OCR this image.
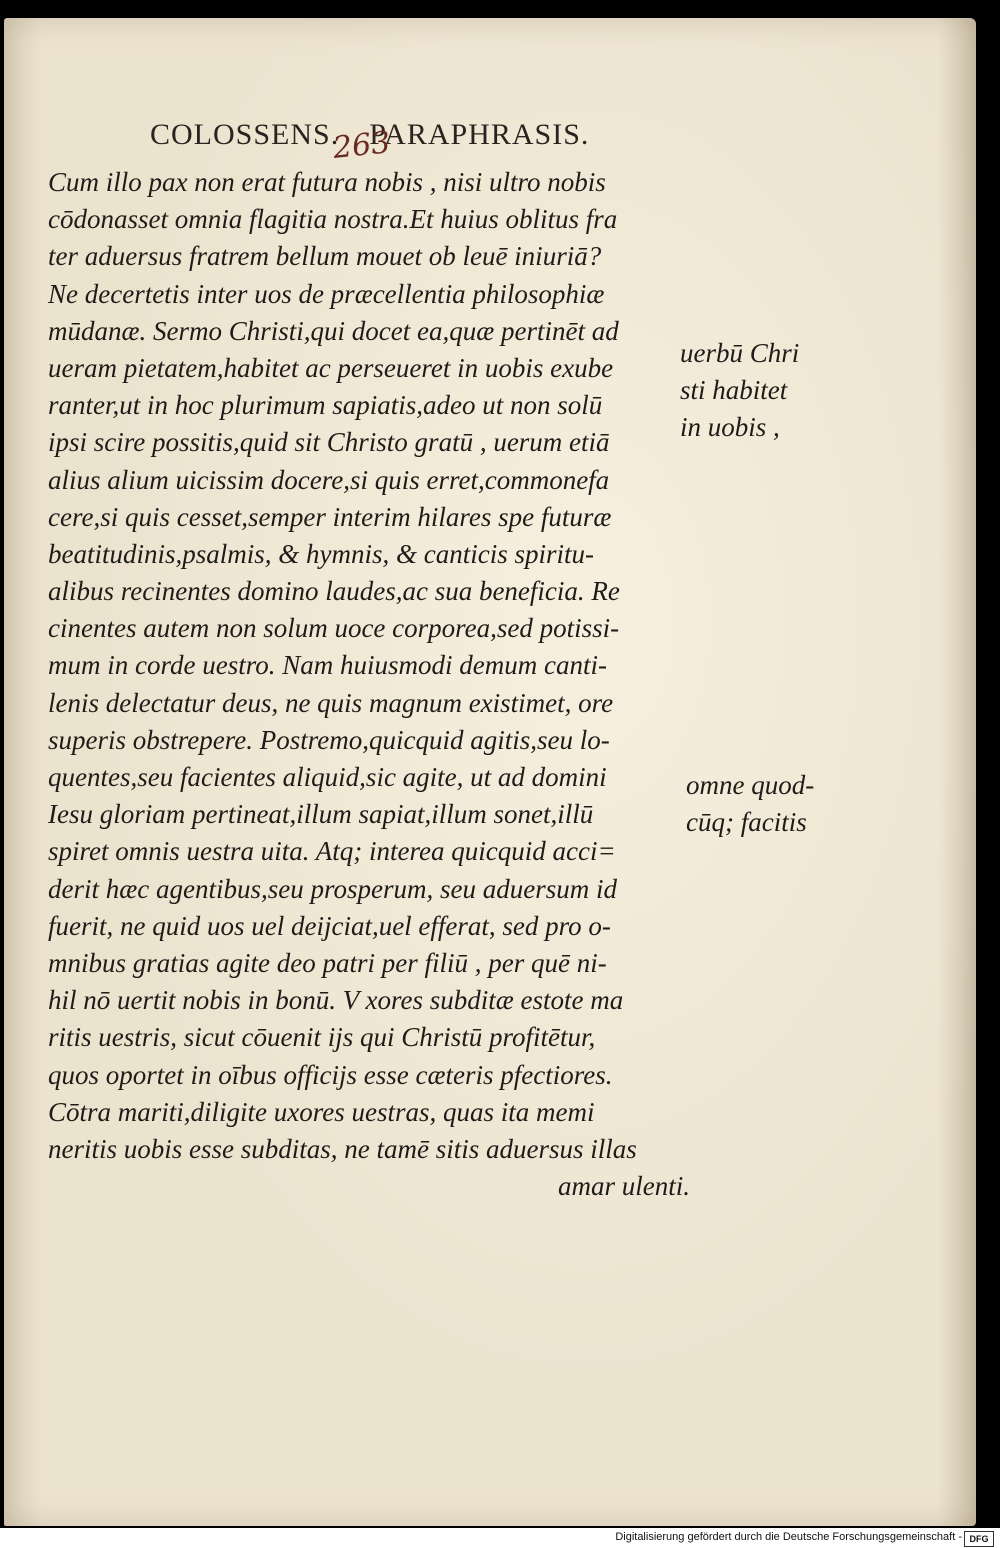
COLOSSENS. PARAPHRASIS.
263
Cum illo pax non erat futura nobis , nisi ultro nobis
cōdonasset omnia flagitia nostra.Et huius oblitus fra
ter aduersus fratrem bellum mouet ob leuē iniuriā?
Ne decertetis inter uos de præcellentia philosophiæ
mūdanæ. Sermo Christi,qui docet ea,quæ pertinēt ad
ueram pietatem,habitet ac perseueret in uobis exube
ranter,ut in hoc plurimum sapiatis,adeo ut non solū
ipsi scire possitis,quid sit Christo gratū , uerum etiā
alius alium uicissim docere,si quis erret,commonefa
cere,si quis cesset,semper interim hilares spe futuræ
beatitudinis,psalmis, & hymnis, & canticis spiritu-
alibus recinentes domino laudes,ac sua beneficia. Re
cinentes autem non solum uoce corporea,sed potissi-
mum in corde uestro. Nam huiusmodi demum canti-
lenis delectatur deus, ne quis magnum existimet, ore
superis obstrepere. Postremo,quicquid agitis,seu lo-
quentes,seu facientes aliquid,sic agite, ut ad domini
Iesu gloriam pertineat,illum sapiat,illum sonet,illū
spiret omnis uestra uita. Atq; interea quicquid acci=
derit hæc agentibus,seu prosperum, seu aduersum id
fuerit, ne quid uos uel deijciat,uel efferat, sed pro o-
mnibus gratias agite deo patri per filiū , per quē ni-
hil nō uertit nobis in bonū. V xores subditæ estote ma
ritis uestris, sicut cōuenit ijs qui Christū profitētur,
quos oportet in oībus officijs esse cæteris pfectiores.
Cōtra mariti,diligite uxores uestras, quas ita memi
neritis uobis esse subditas, ne tamē sitis aduersus illas
amar ulenti.
uerbū Chri
sti habitet
in uobis ,
omne quod-
cūq; facitis
Digitalisierung gefördert durch die Deutsche Forschungsgemeinschaft - DFG
